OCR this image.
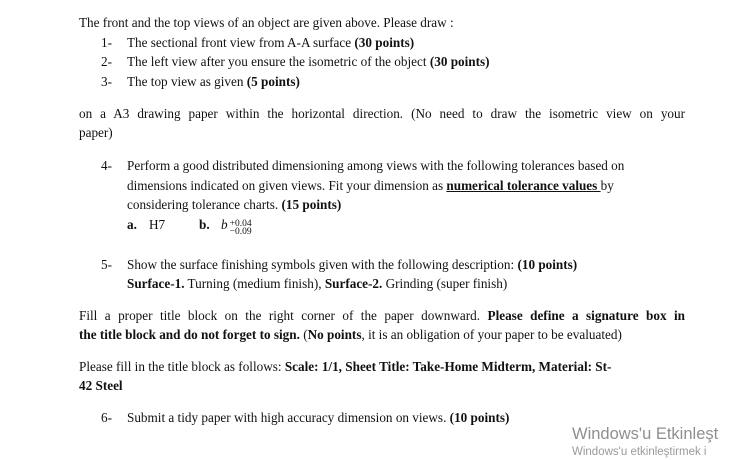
The front and the top views of an object are given above. Please draw :
1- The sectional front view from A-A surface (30 points)
2- The left view after you ensure the isometric of the object (30 points)
3- The top view as given (5 points)
on a A3 drawing paper within the horizontal direction. (No need to draw the isometric view on your
paper)
4- Perform a good distributed dimensioning among views with the following tolerances based on
dimensions indicated on given views. Fit your dimension as numerical tolerance values by
considering tolerance charts. (15 points)
a. H7	b. b +0.04
−0.09
5- Show the surface finishing symbols given with the following description: (10 points)
Surface-1. Turning (medium finish), Surface-2. Grinding (super finish)
Fill a proper title block on the right corner of the paper downward. Please define a signature box in
the title block and do not forget to sign. (No points, it is an obligation of your paper to be evaluated)
Please fill in the title block as follows: Scale: 1/1, Sheet Title: Take-Home Midterm, Material: St-
42 Steel
6- Submit a tidy paper with high accuracy dimension on views. (10 points)
Windows'u Etkinleşt
Windows'u etkinleştirmek i
